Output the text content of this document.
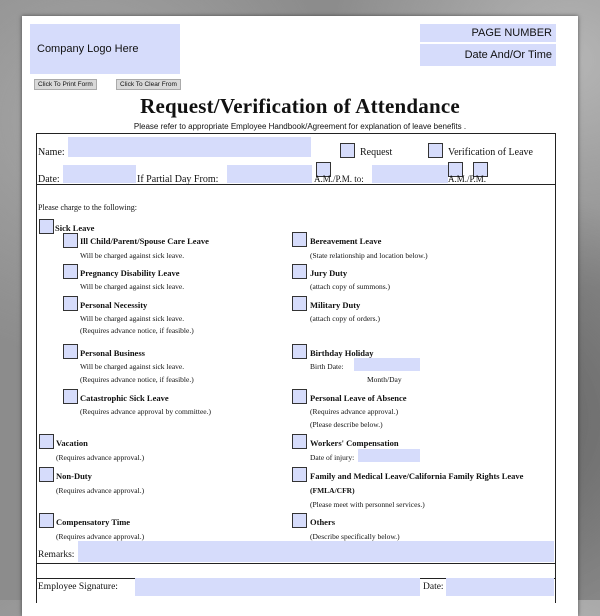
Company Logo Here
PAGE NUMBER
Date And/Or Time
Click To Print Form	Click To Clear From
Request/Verification of Attendance
Please refer to appropriate Employee Handbook/Agreement for explanation of leave benefits .
Name:	Request	Verification of Leave
Date:	If Partial Day From:	A.M./P.M. to:	A.M./P.M.
Please charge to the following:
Sick Leave
Ill Child/Parent/Spouse Care Leave
Will be charged against sick leave.
Pregnancy Disability Leave
Will be charged against sick leave.
Personal Necessity
Will be charged against sick leave.
(Requires advance notice, if feasible.)
Personal Business
Will be charged against sick leave.
(Requires advance notice, if feasible.)
Catastrophic Sick Leave
(Requires advance approval by committee.)
Vacation
(Requires advance approval.)
Non-Duty
(Requires advance approval.)
Compensatory Time
(Requires advance approval.)
Bereavement Leave
(State relationship and location below.)
Jury Duty
(attach copy of summons.)
Military Duty
(attach copy of orders.)
Birthday Holiday
Birth Date:
Month/Day
Personal Leave of Absence
(Requires advance approval.)
(Please describe below.)
Workers' Compensation
Date of injury:
Family and Medical Leave/California Family Rights Leave
(FMLA/CFR)
(Please meet with personnel services.)
Others
(Describe specifically below.)
Remarks:
Employee Signature:	Date:
